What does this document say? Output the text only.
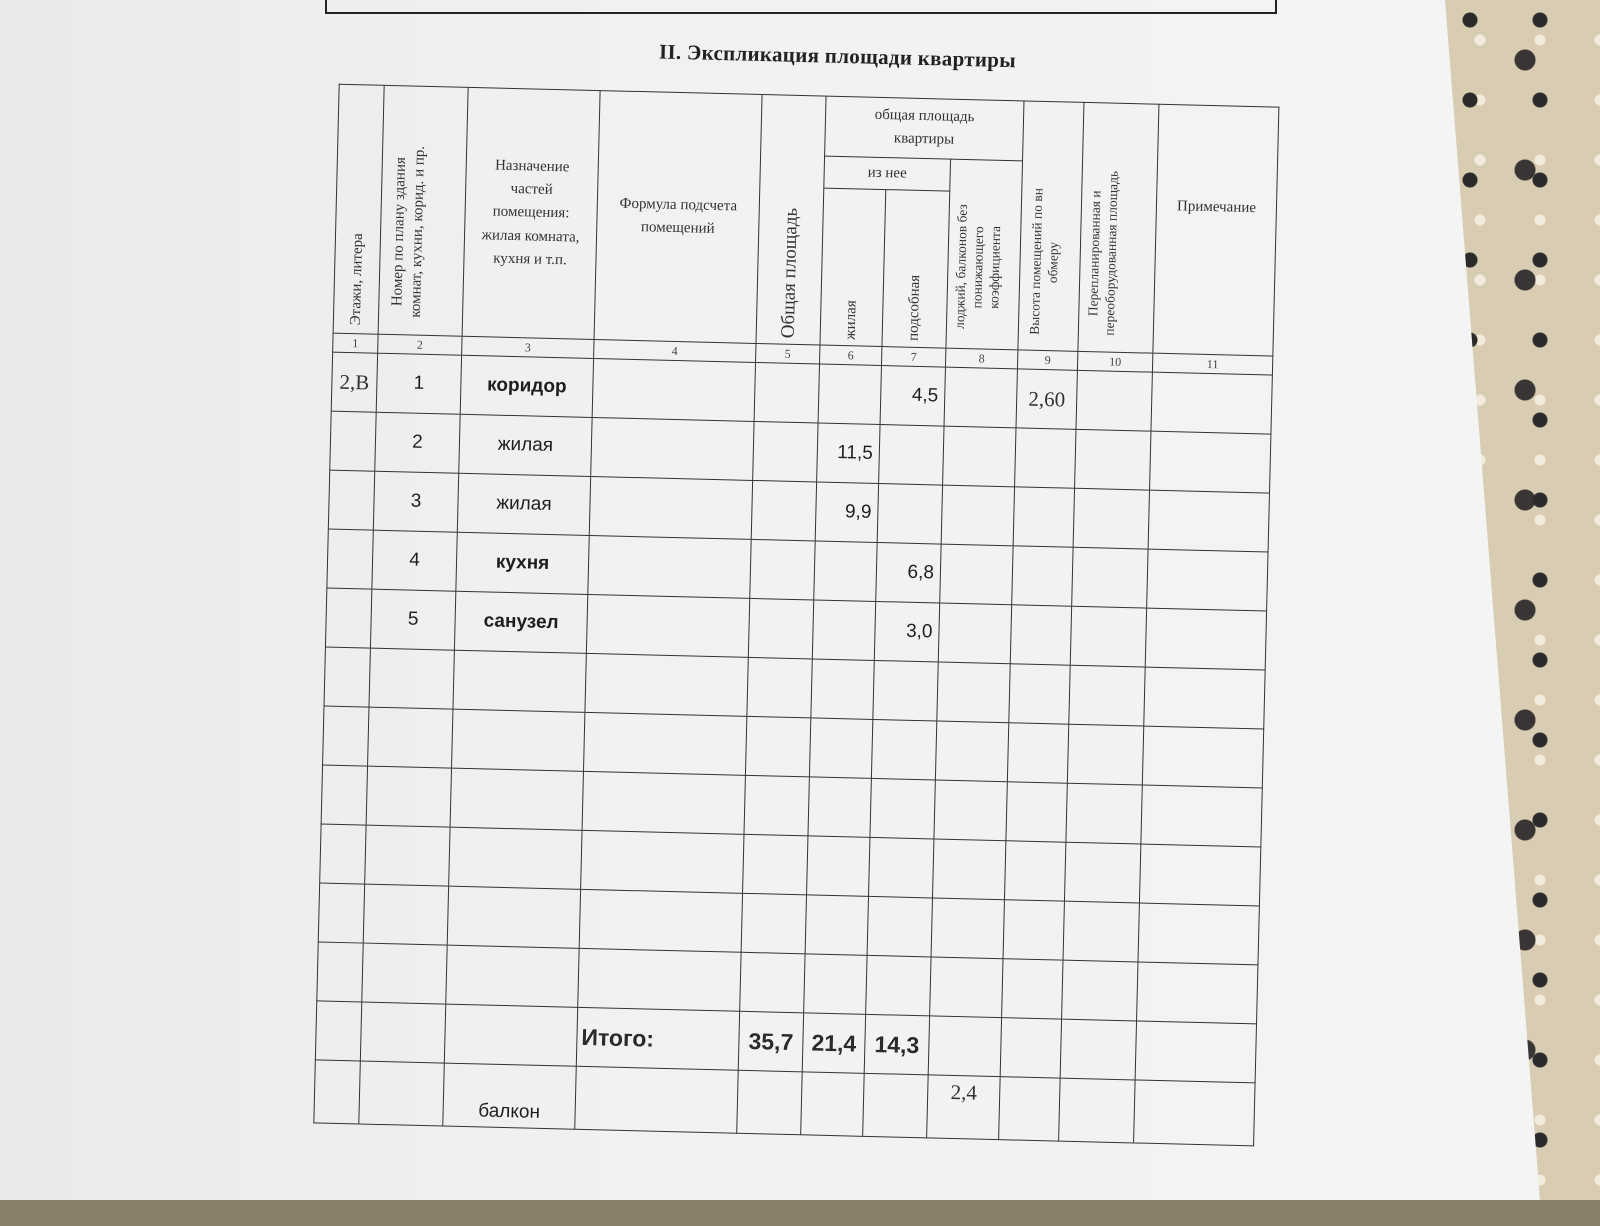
II. Экспликация площади квартиры
Этажи, литера	Номер по плану здания комнат, кухни, корид. и пр.	Назначение частей помещения: жилая комната, кухня и т.п.	Формула подсчета помещений	Общая площадь	общая площадь квартиры			Высота помещений по вн обмеру	Перепланированная и переоборудованная площадь	Примечание
					из нее		лоджий, балконов без понижающего коэффициента			

					жилая	подсобная				

1	2	3	4	5	6	7	8	9	10	11
2,В	1	коридор				4,5		2,60		
	2	жилая			11,5					
	3	жилая			9,9					
	4	кухня				6,8				
	5	санузел				3,0				

			Итого:	35,7	21,4	14,3				
		балкон					2,4			
